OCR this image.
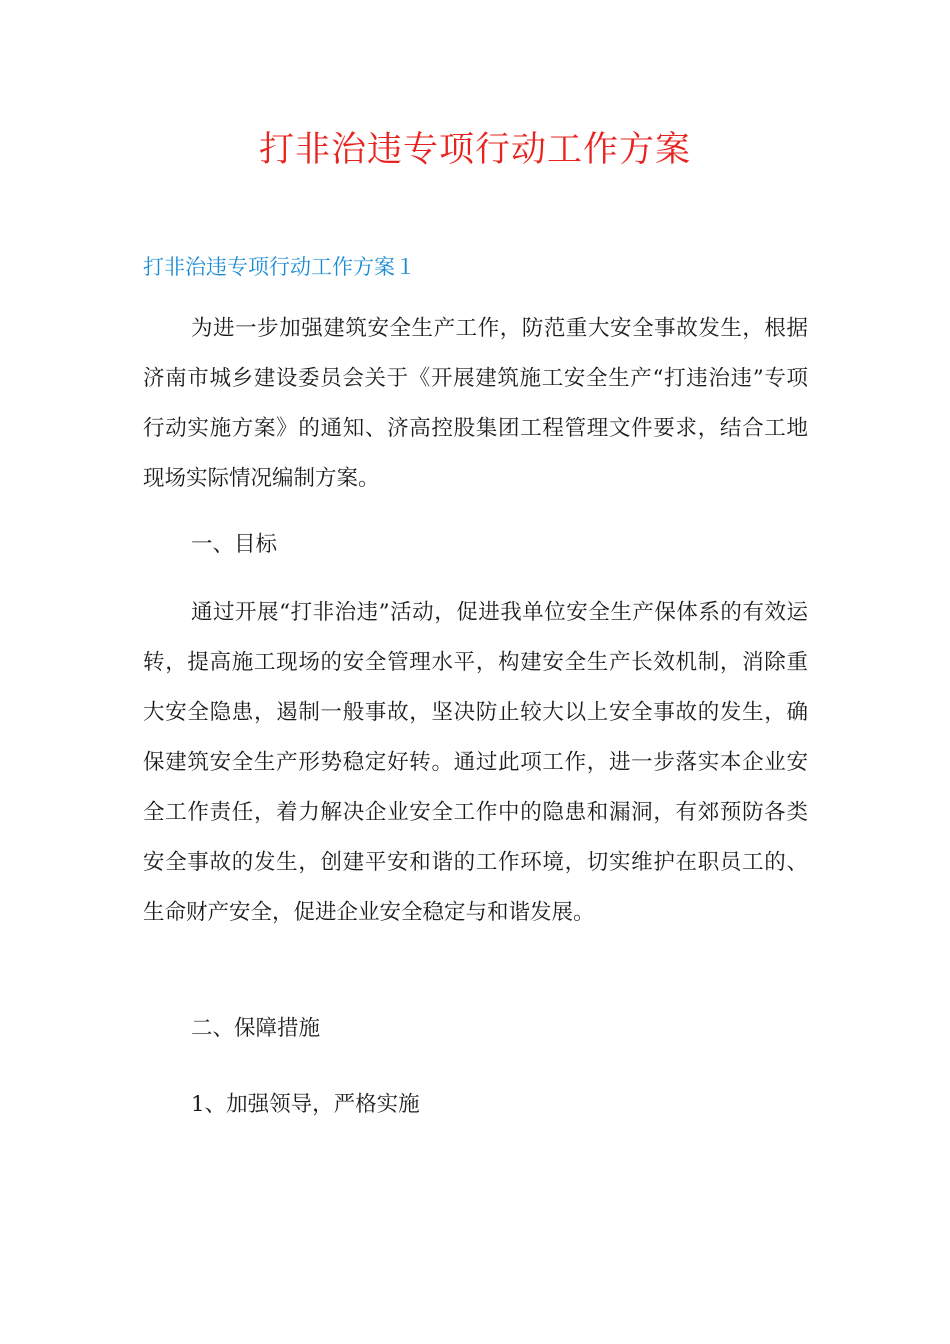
打非治违专项行动工作方案
打非治违专项行动工作方案１

为进一步加强建筑安全生产工作，防范重大安全事故发生，根据济南市城乡建设委员会关于《开展建筑施工安全生产“打违治违”专项行动实施方案》的通知、济高控股集团工程管理文件要求，结合工地现场实际情况编制方案。

一、目标

通过开展“打非治违”活动，促进我单位安全生产保体系的有效运转，提高施工现场的安全管理水平，构建安全生产长效机制，消除重大安全隐患，遏制一般事故，坚决防止较大以上安全事故的发生，确保建筑安全生产形势稳定好转。通过此项工作，进一步落实本企业安全工作责任，着力解决企业安全工作中的隐患和漏洞，有郊预防各类安全事故的发生，创建平安和谐的工作环境，切实维护在职员工的、生命财产安全，促进企业安全稳定与和谐发展。

二、保障措施

1、加强领导，严格实施
